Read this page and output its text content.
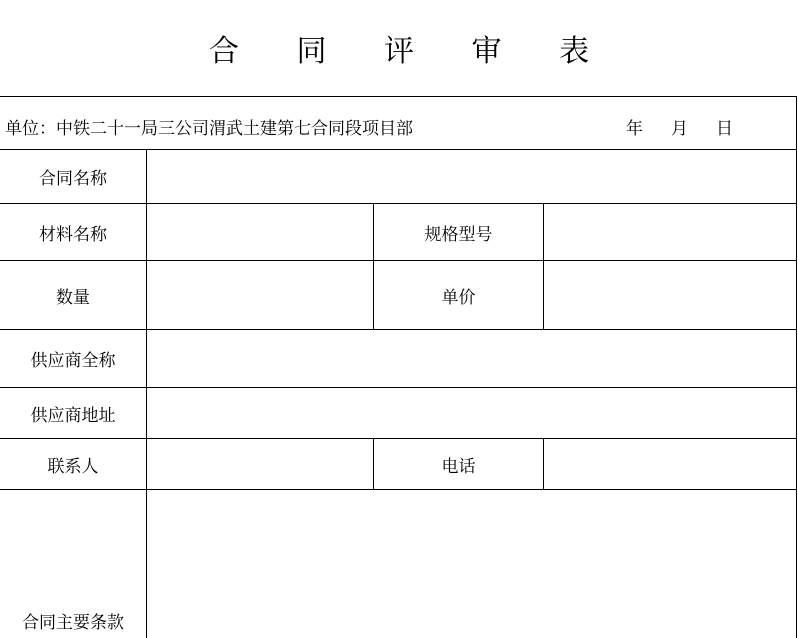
合 同 评 审 表
单位：中铁二十一局三公司渭武土建第七合同段项目部	年 月 日
合同名称
材料名称	规格型号
数量	单价
供应商全称
供应商地址
联系人	电话
合同主要条款
